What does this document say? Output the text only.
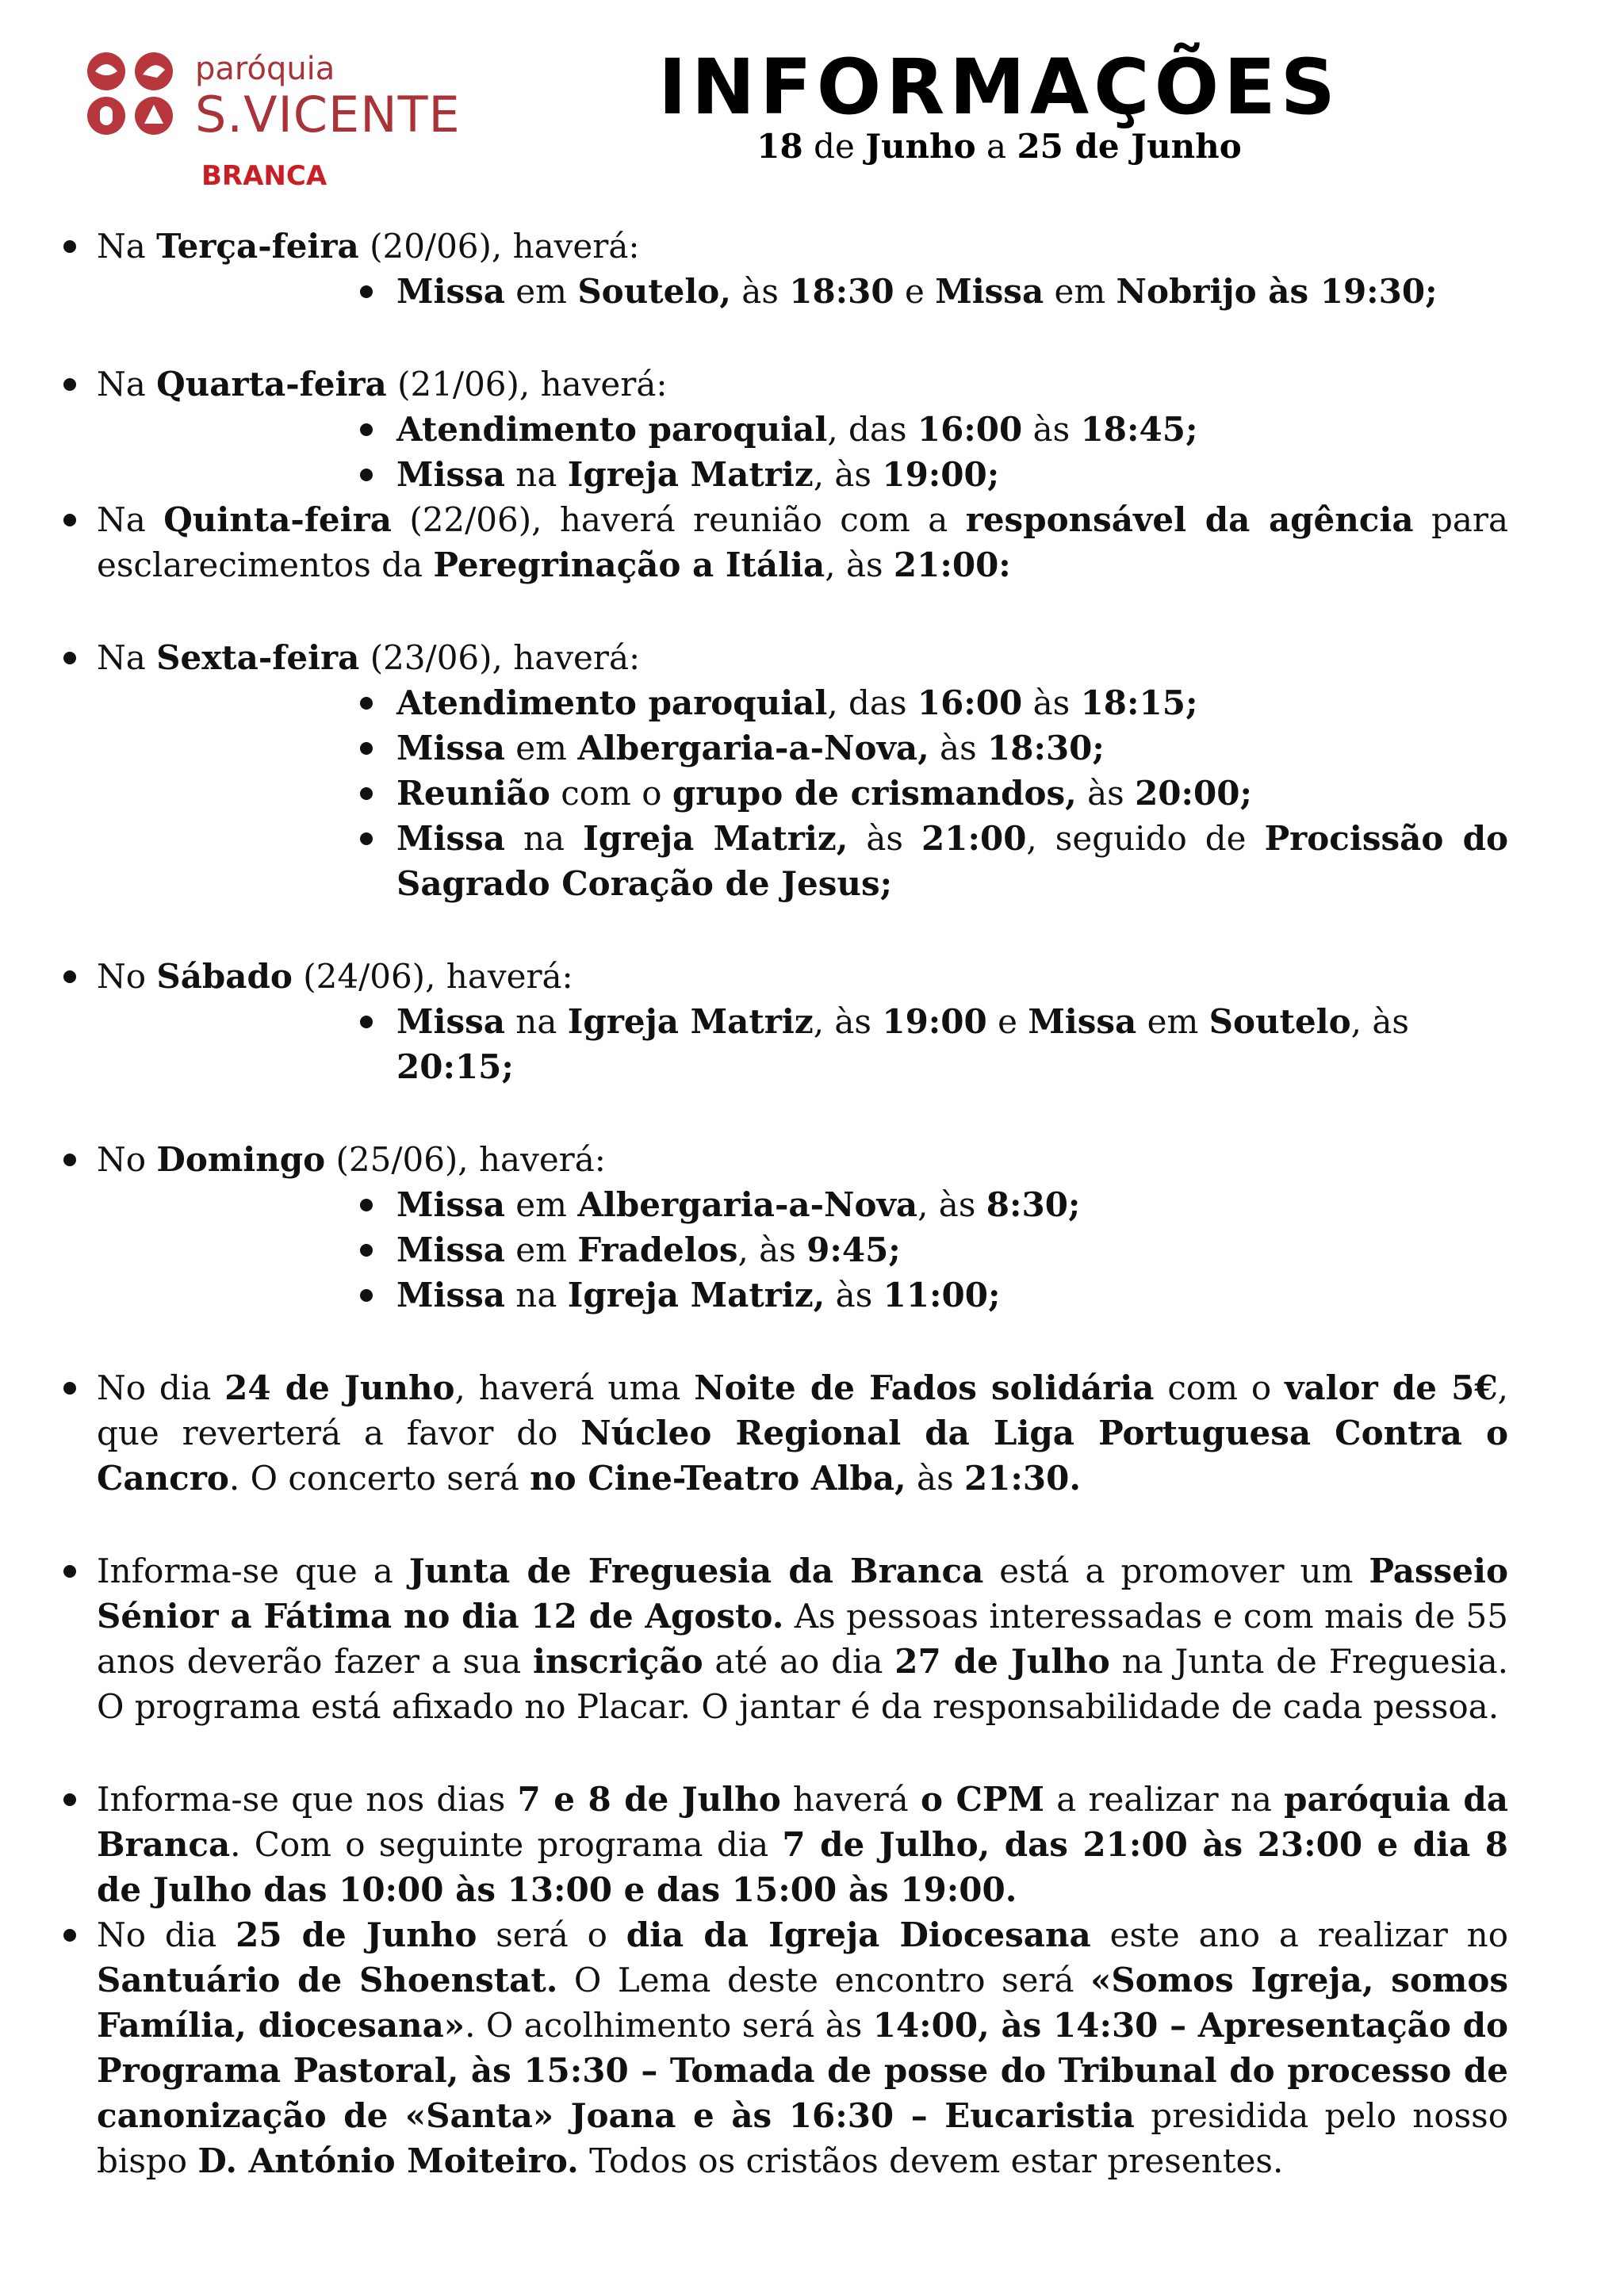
paróquia
S.VICENTE
BRANCA
INFORMAÇÕES
18 de Junho a 25 de Junho
Na Terça-feira (20/06), haverá:
Missa em Soutelo, às 18:30 e Missa em Nobrijo às 19:30;
Na Quarta-feira (21/06), haverá:
Atendimento paroquial, das 16:00 às 18:45;
Missa na Igreja Matriz, às 19:00;
Na Quinta-feira (22/06), haverá reunião com a responsável da agência para esclarecimentos da Peregrinação a Itália, às 21:00:
Na Sexta-feira (23/06), haverá:
Atendimento paroquial, das 16:00 às 18:15;
Missa em Albergaria-a-Nova, às 18:30;
Reunião com o grupo de crismandos, às 20:00;
Missa na Igreja Matriz, às 21:00, seguido de Procissão do Sagrado Coração de Jesus;
No Sábado (24/06), haverá:
Missa na Igreja Matriz, às 19:00 e Missa em Soutelo, às 20:15;
No Domingo (25/06), haverá:
Missa em Albergaria-a-Nova, às 8:30;
Missa em Fradelos, às 9:45;
Missa na Igreja Matriz, às 11:00;
No dia 24 de Junho, haverá uma Noite de Fados solidária com o valor de 5€, que reverterá a favor do Núcleo Regional da Liga Portuguesa Contra o Cancro. O concerto será no Cine-Teatro Alba, às 21:30.
Informa-se que a Junta de Freguesia da Branca está a promover um Passeio Sénior a Fátima no dia 12 de Agosto. As pessoas interessadas e com mais de 55 anos deverão fazer a sua inscrição até ao dia 27 de Julho na Junta de Freguesia. O programa está afixado no Placar. O jantar é da responsabilidade de cada pessoa.
Informa-se que nos dias 7 e 8 de Julho haverá o CPM a realizar na paróquia da Branca. Com o seguinte programa dia 7 de Julho, das 21:00 às 23:00 e dia 8 de Julho das 10:00 às 13:00 e das 15:00 às 19:00.
No dia 25 de Junho será o dia da Igreja Diocesana este ano a realizar no Santuário de Shoenstat. O Lema deste encontro será «Somos Igreja, somos Família, diocesana». O acolhimento será às 14:00, às 14:30 – Apresentação do Programa Pastoral, às 15:30 – Tomada de posse do Tribunal do processo de canonização de «Santa» Joana e às 16:30 – Eucaristia presidida pelo nosso bispo D. António Moiteiro. Todos os cristãos devem estar presentes.
